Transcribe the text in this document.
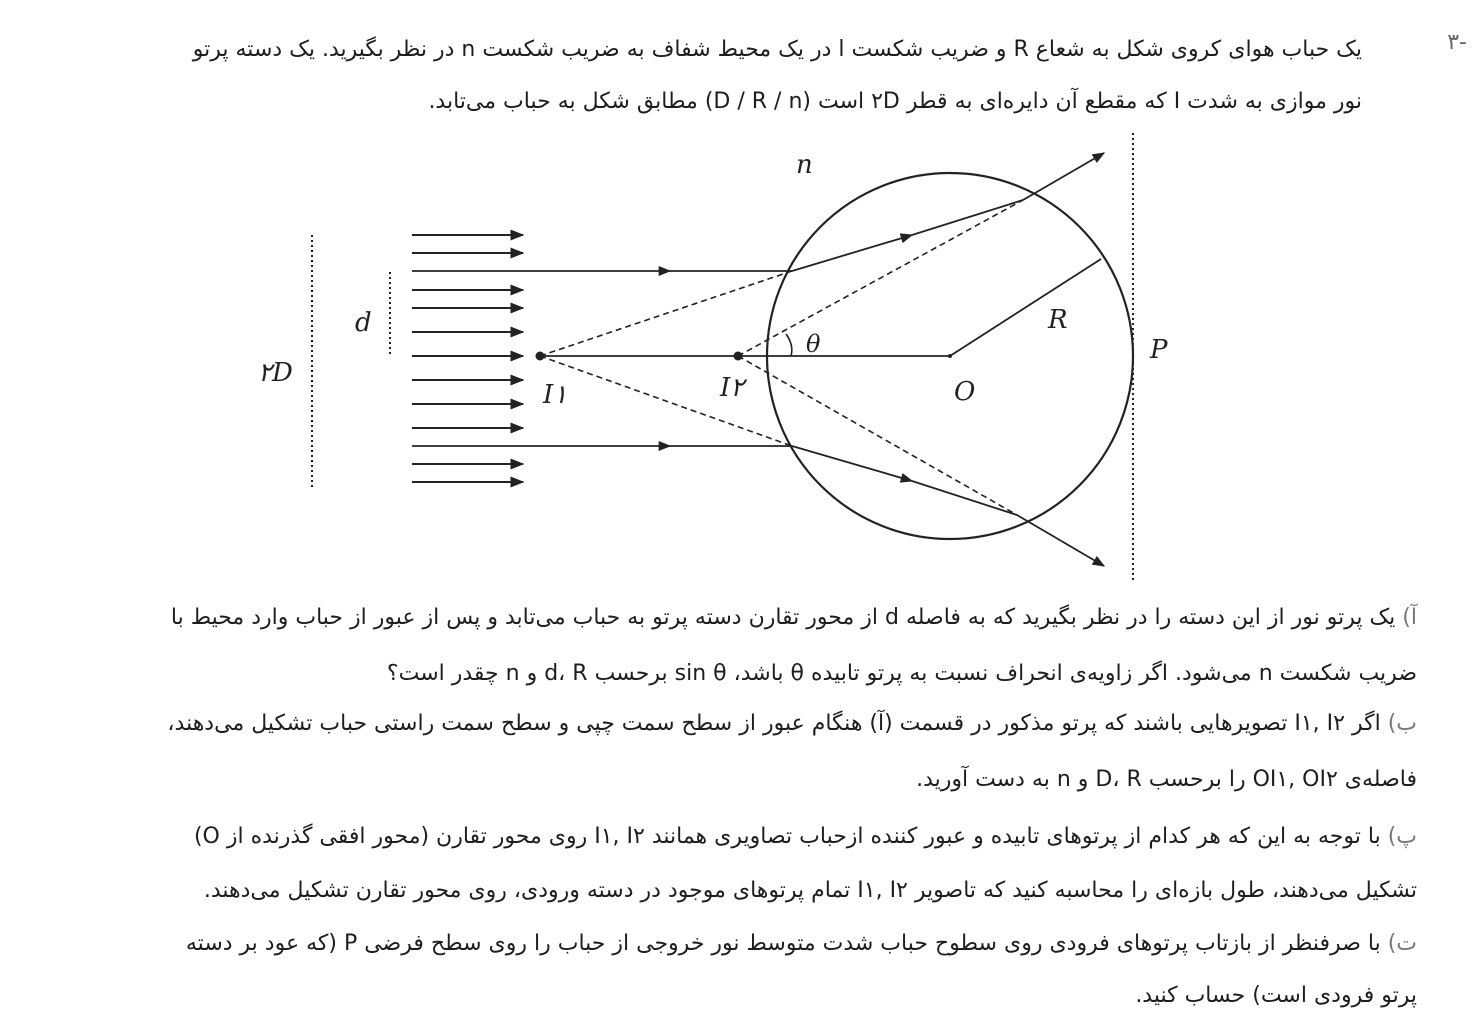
-۳
یک حباب هوای کروی شکل به شعاع R و ضریب شکست l در یک محیط شفاف به ضریب شکست n در نظر بگیرید. یک دسته پرتو
نور موازی به شدت I که مقطع آن دایره‌ای به قطر ۲D است (D / R / n) مطابق شکل به حباب می‌تابد.
n
d
۲D
I۱	I۲
θ
O
R
P
آ) یک پرتو نور از این دسته را در نظر بگیرید که به فاصله d از محور تقارن دسته پرتو به حباب می‌تابد و پس از عبور از حباب وارد محیط با
ضریب شکست n می‌شود. اگر زاویه‌ی انحراف نسبت به پرتو تابیده θ باشد، sin θ برحسب d، R و n چقدر است؟
ب) اگر I۱, I۲ تصویرهایی باشند که پرتو مذکور در قسمت (آ) هنگام عبور از سطح سمت چپی و سطح سمت راستی حباب تشکیل می‌دهند،
فاصله‌ی OI۱, OI۲ را برحسب D، R و n به دست آورید.
پ) با توجه به این که هر کدام از پرتوهای تابیده و عبور کننده ازحباب تصاویری همانند I۱, I۲ روی محور تقارن (محور افقی گذرنده از O)
تشکیل می‌دهند، طول بازه‌ای را محاسبه کنید که تاصویر I۱, I۲ تمام پرتوهای موجود در دسته ورودی، روی محور تقارن تشکیل می‌دهند.
ت) با صرفنظر از بازتاب پرتوهای فرودی روی سطوح حباب شدت متوسط نور خروجی از حباب را روی سطح فرضی P (که عود بر دسته
پرتو فرودی است) حساب کنید.
